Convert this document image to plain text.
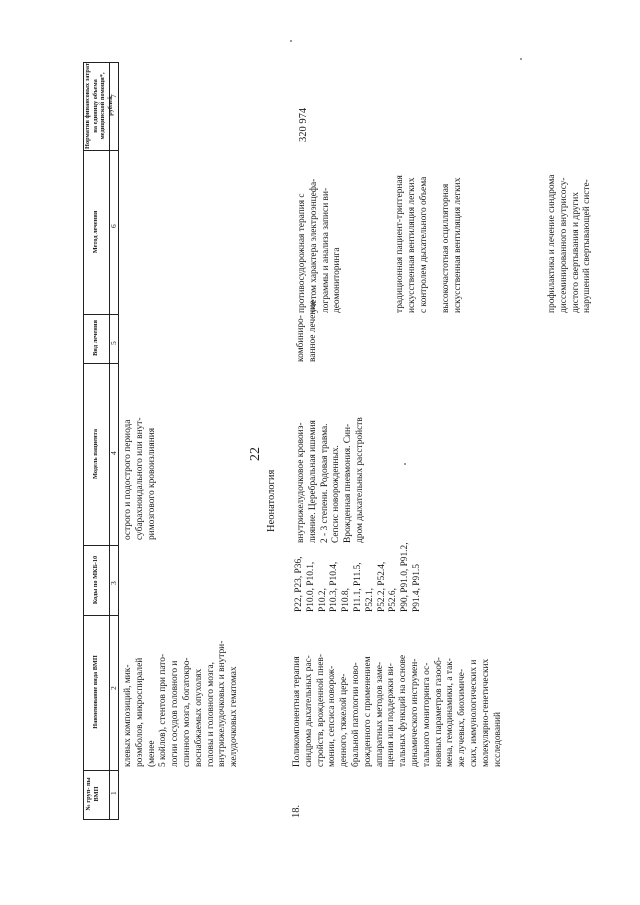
22
№ груп- пы ВМП
Наименование вида ВМП
Коды по МКБ-10
Модель пациента
Вид лечения
Метод лечения
Норматив финансовых затрат на единицу объема медицинской помощи*, рублей
1
2
3
4
5
6
7
клевых композиций, мик-
роэмболов, микроспиралей
(менее
5 койлов), стентов при пато-
логии сосудов головного и
спинного мозга, богатокро-
воснабжаемых опухолях
головы и головного мозга,
внутрижелудочковых и внутри-
желудочковых гематомах
острого и подострого периода
субарахноидального или внут-
римозгового кровоизлияния
Неонатология
18.
Поликомпонентная терапия
синдрома дыхательных рас-
стройств, врожденной пнев-
монии, сепсиса новорож-
денного, тяжелой цере-
бральной патологии ново-
рожденного с применением
аппаратных методов заме-
щения или поддержки ви-
тальных функций на основе
динамического инструмен-
тального мониторинга ос-
новных параметров газооб-
мена, гемодинамики, а так-
же лучевых, биохимиче-
ских, иммунологических и
молекулярно-генетических
исследований
P22, P23, P36,
P10.0, P10.1, P10.2,
P10.3, P10.4, P10.8,
P11.1, P11.5, P52.1,
P52.2, P52.4, P52.6,
P90, P91.0, P91.2,
P91.4, P91.5
внутрижелудочковое кровоиз-
лияние. Церебральная ишемия
2 - 3 степени. Родовая травма.
Сепсис новорожденных.
Врожденная пневмония. Син-
дром дыхательных расстройств
комбиниро-
ванное лечение
противосудорожная терапия с
учетом характера электроэнцефа-
лограммы и анализа записи ви-
деомониторинга	традиционная пациент-триггерная
искусственная вентиляция легких
с контролем дыхательного объема
высокочастотная осцилляторная
искусственная вентиляция легких
профилактика и лечение синдрома
диссеминированного внутрисосу-
дистого свертывания и других
нарушений свертывающей систе-
320 974
